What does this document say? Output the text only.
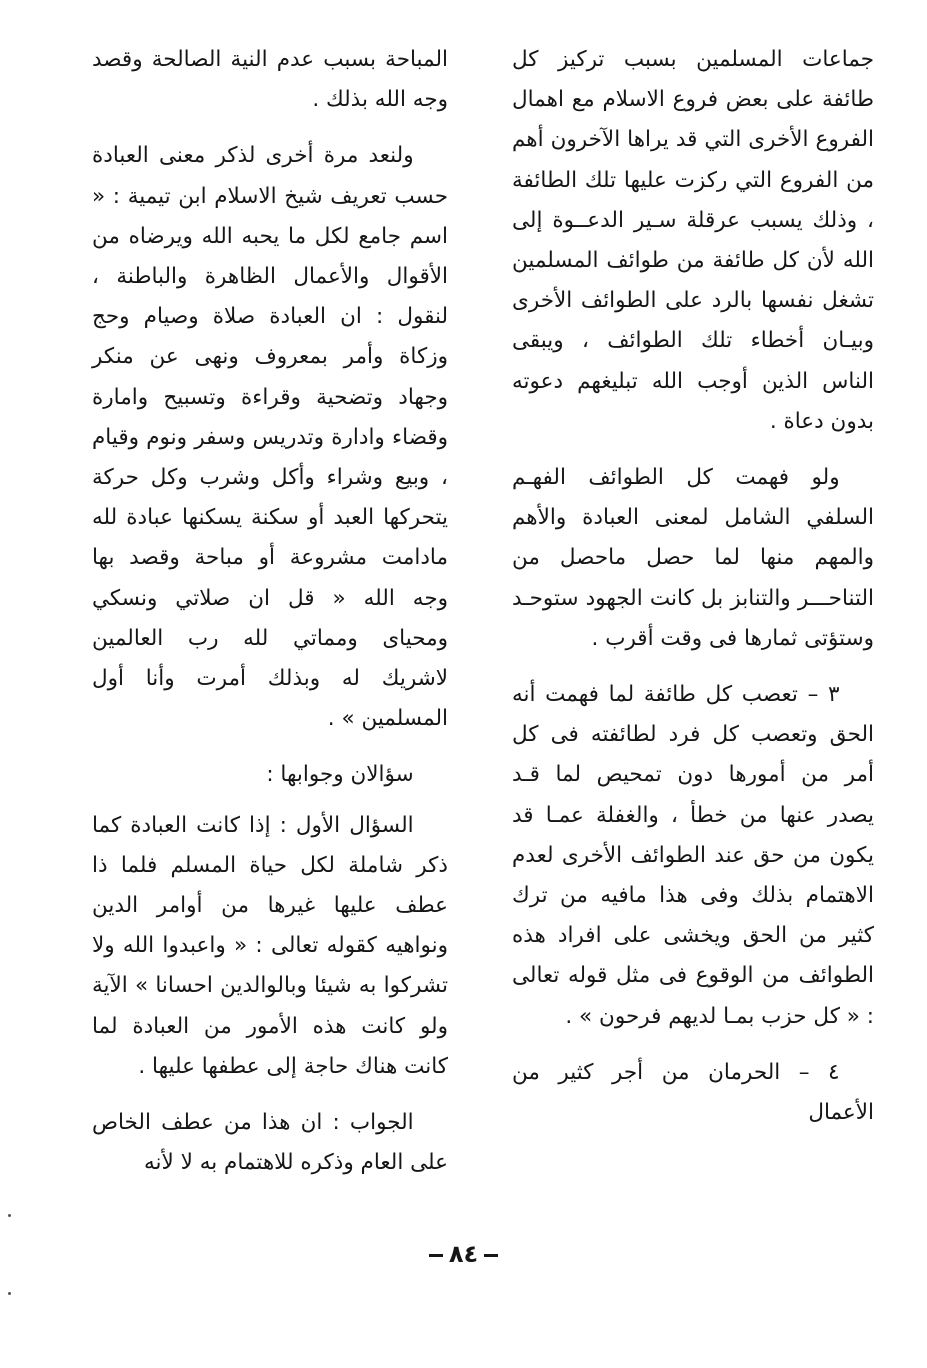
جماعات المسلمين بسبب تركيز كل طائفة على بعض فروع الاسلام مع اهمال الفروع الأخرى التي قد يراها الآخرون أهم من الفروع التي ركزت عليها تلك الطائفة ، وذلك يسبب عرقلة سـير الدعــوة إلى الله لأن كل طائفة من طوائف المسلمين تشغل نفسها بالرد على الطوائف الأخرى وبيـان أخطاء تلك الطوائف ، ويبقى الناس الذين أوجب الله تبليغهم دعوته بدون دعاة .

ولو فهمت كل الطوائف الفهـم السلفي الشامل لمعنى العبادة والأهم والمهم منها لما حصل ماحصل من التناحـــر والتنابز بل كانت الجهود ستوحـد وستؤتى ثمارها فى وقت أقرب .

٣ – تعصب كل طائفة لما فهمت أنه الحق وتعصب كل فرد لطائفته فى كل أمر من أمورها دون تمحيص لما قـد يصدر عنها من خطأ ، والغفلة عمـا قد يكون من حق عند الطوائف الأخرى لعدم الاهتمام بذلك وفى هذا مافيه من ترك كثير من الحق ويخشى على افراد هذه الطوائف من الوقوع فى مثل قوله تعالى : « كل حزب بمـا لديهم فرحون » .

٤ – الحرمان من أجر كثير من الأعمال

المباحة بسبب عدم النية الصالحة وقصد وجه الله بذلك .

ولنعد مرة أخرى لذكر معنى العبادة حسب تعريف شيخ الاسلام ابن تيمية : « اسم جامع لكل ما يحبه الله ويرضاه من الأقوال والأعمال الظاهرة والباطنة ، لنقول : ان العبادة صلاة وصيام وحج وزكاة وأمر بمعروف ونهى عن منكر وجهاد وتضحية وقراءة وتسبيح وامارة وقضاء وادارة وتدريس وسفر ونوم وقيام ، وبيع وشراء وأكل وشرب وكل حركة يتحركها العبد أو سكنة يسكنها عبادة لله مادامت مشروعة أو مباحة وقصد بها وجه الله « قل ان صلاتي ونسكي ومحياى ومماتي لله رب العالمين لاشريك له وبذلك أمرت وأنا أول المسلمين » .

سؤالان وجوابها :

السؤال الأول : إذا كانت العبادة كما ذكر شاملة لكل حياة المسلم فلما ذا عطف عليها غيرها من أوامر الدين ونواهيه كقوله تعالى : « واعبدوا الله ولا تشركوا به شيئا وبالوالدين احسانا » الآية ولو كانت هذه الأمور من العبادة لما كانت هناك حاجة إلى عطفها عليها .

الجواب : ان هذا من عطف الخاص على العام وذكره للاهتمام به لا لأنه

٨٤
